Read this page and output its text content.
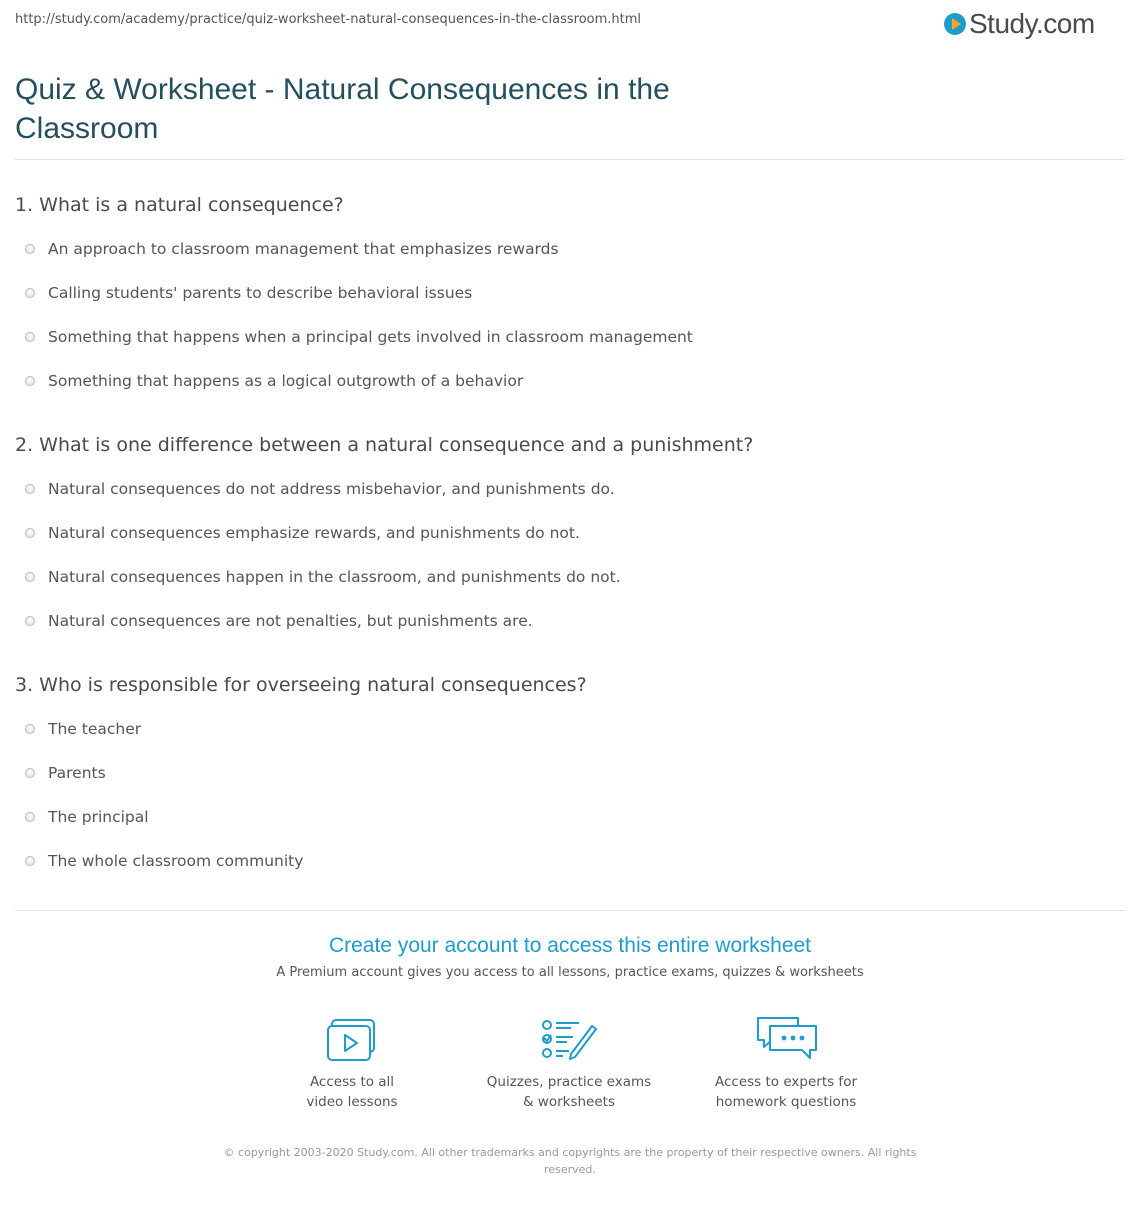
http://study.com/academy/practice/quiz-worksheet-natural-consequences-in-the-classroom.html	Study.com
Quiz & Worksheet - Natural Consequences in the Classroom

1. What is a natural consequence?

An approach to classroom management that emphasizes rewards
Calling students' parents to describe behavioral issues
Something that happens when a principal gets involved in classroom management
Something that happens as a logical outgrowth of a behavior

2. What is one difference between a natural consequence and a punishment?

Natural consequences do not address misbehavior, and punishments do.
Natural consequences emphasize rewards, and punishments do not.
Natural consequences happen in the classroom, and punishments do not.
Natural consequences are not penalties, but punishments are.

3. Who is responsible for overseeing natural consequences?

The teacher
Parents
The principal
The whole classroom community
Create your account to access this entire worksheet
A Premium account gives you access to all lessons, practice exams, quizzes & worksheets
Access to all
video lessons
Quizzes, practice exams
& worksheets
Access to experts for
homework questions
© copyright 2003-2020 Study.com. All other trademarks and copyrights are the property of their respective owners. All rights reserved.
